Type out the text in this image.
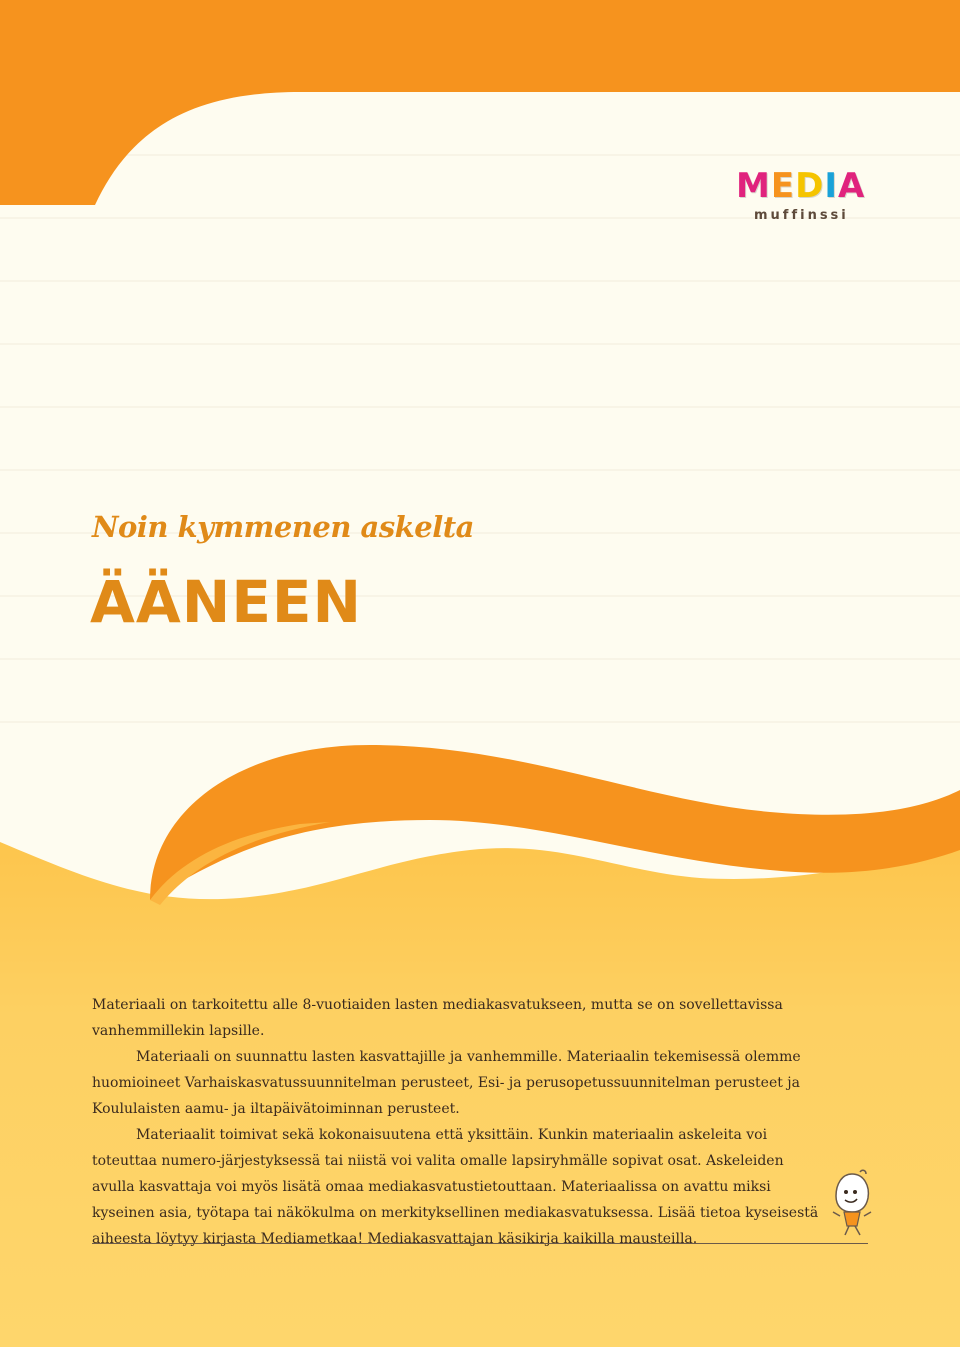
MEDIA
muffinssi
Noin kymmenen askelta
ÄÄNEEN

Materiaali on tarkoitettu alle 8-vuotiaiden lasten mediakasvatukseen, mutta se on sovellettavissa vanhemmillekin lapsille.

Materiaali on suunnattu lasten kasvattajille ja vanhemmille. Materiaalin tekemisessä olemme huomioineet Varhaiskasvatussuunnitelman perusteet, Esi- ja perusopetussuunnitelman perusteet ja Koululaisten aamu- ja iltapäivätoiminnan perusteet.

Materiaalit toimivat sekä kokonaisuutena että yksittäin. Kunkin materiaalin askeleita voi toteuttaa numero-järjestyksessä tai niistä voi valita omalle lapsiryhmälle sopivat osat. Askeleiden avulla kasvattaja voi myös lisätä omaa mediakasvatustietouttaan. Materiaalissa on avattu miksi kyseinen asia, työtapa tai näkökulma on merkityksellinen mediakasvatuksessa. Lisää tietoa kyseisestä aiheesta löytyy kirjasta Mediametkaa! Mediakasvattajan käsikirja kaikilla mausteilla.
